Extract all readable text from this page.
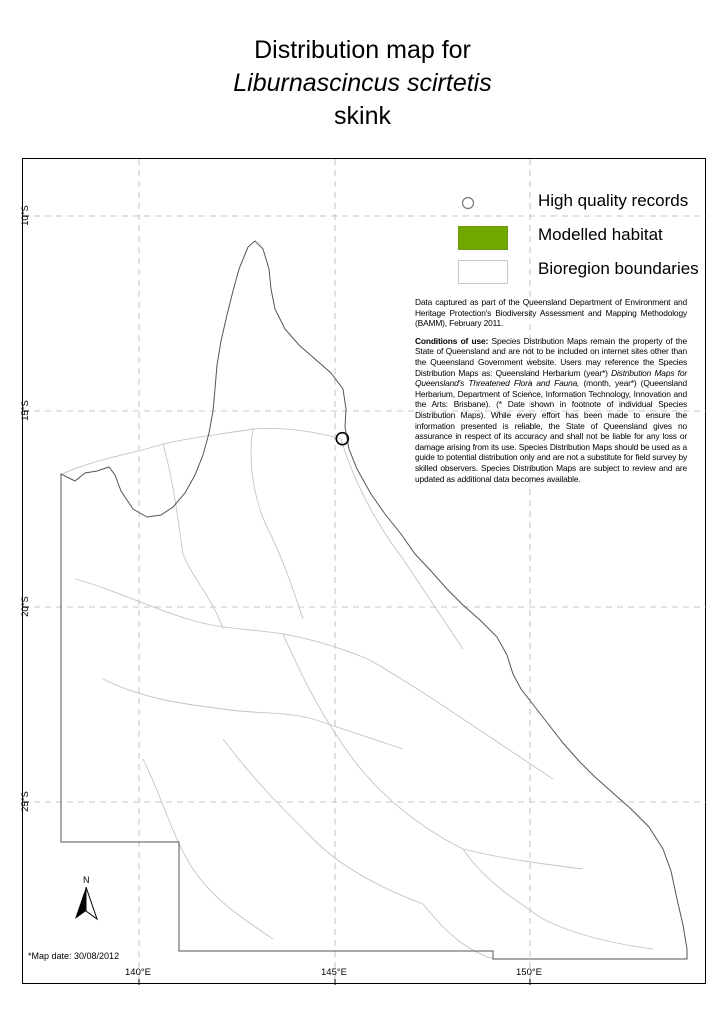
Distribution map for
Liburnascincus scirtetis
skink
High quality records
Modelled habitat
Bioregion boundaries

Data captured as part of the Queensland Department of Environment and Heritage Protection's Biodiversity Assessment and Mapping Methodology (BAMM), February 2011.

Conditions of use: Species Distribution Maps remain the property of the State of Queensland and are not to be included on internet sites other than the Queensland Government website. Users may reference the Species Distribution Maps as: Queensland Herbarium (year*) Distribution Maps for Queensland's Threatened Flora and Fauna, (month, year*) (Queensland Herbarium, Department of Science, Information Technology, Innovation and the Arts: Brisbane). (* Date shown in footnote of individual Species Distribution Maps). While every effort has been made to ensure the information presented is reliable, the State of Queensland gives no assurance in respect of its accuracy and shall not be liable for any loss or damage arising from its use. Species Distribution Maps should be used as a guide to potential distribution only and are not a substitute for field survey by skilled observers. Species Distribution Maps are subject to review and are updated as additional data becomes available.

10°S
15°S
20°S
25°S
140°E	145°E	150°E
N
*Map date: 30/08/2012
